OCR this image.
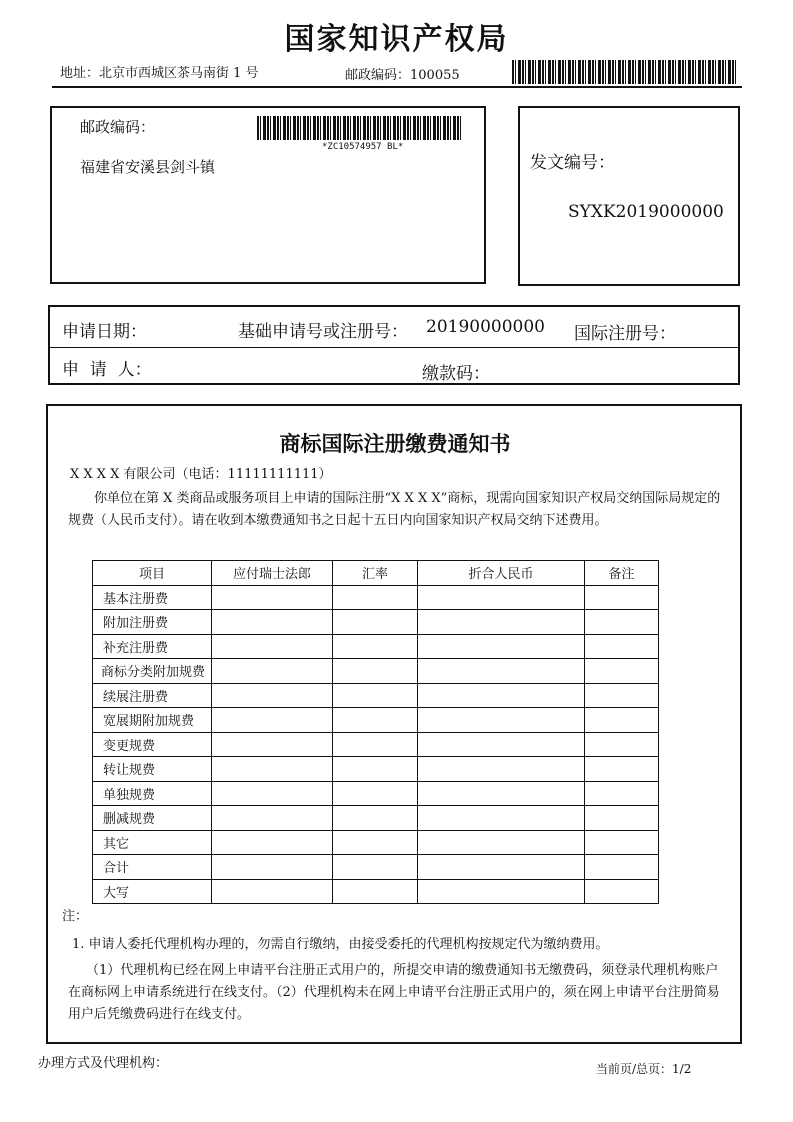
国家知识产权局
地址：北京市西城区茶马南街 1 号	邮政编码：100055
邮政编码：
*ZC10574957 BL*
福建省安溪县剑斗镇	发文编号：
SYXK2019000000
申请日期：	基础申请号或注册号： 20190000000 国际注册号：
申  请  人：	缴款码：
商标国际注册缴费通知书
X X X X 有限公司（电话：11111111111）
你单位在第 X 类商品或服务项目上申请的国际注册“X X X X”商标，现需向国家知识产权局交纳国际局规定的规费（人民币支付）。请在收到本缴费通知书之日起十五日内向国家知识产权局交纳下述费用。
项目	应付瑞士法郎	汇率	折合人民币	备注
基本注册费				
附加注册费				
补充注册费				
商标分类附加规费				
续展注册费				
宽展期附加规费				
变更规费				
转让规费				
单独规费				
删减规费				
其它				
合计				
大写				
注：
1. 申请人委托代理机构办理的，勿需自行缴纳，由接受委托的代理机构按规定代为缴纳费用。
（1）代理机构已经在网上申请平台注册正式用户的，所提交申请的缴费通知书无缴费码，须登录代理机构账户在商标网上申请系统进行在线支付。（2）代理机构未在网上申请平台注册正式用户的，须在网上申请平台注册简易用户后凭缴费码进行在线支付。
办理方式及代理机构：	当前页/总页：1/2
